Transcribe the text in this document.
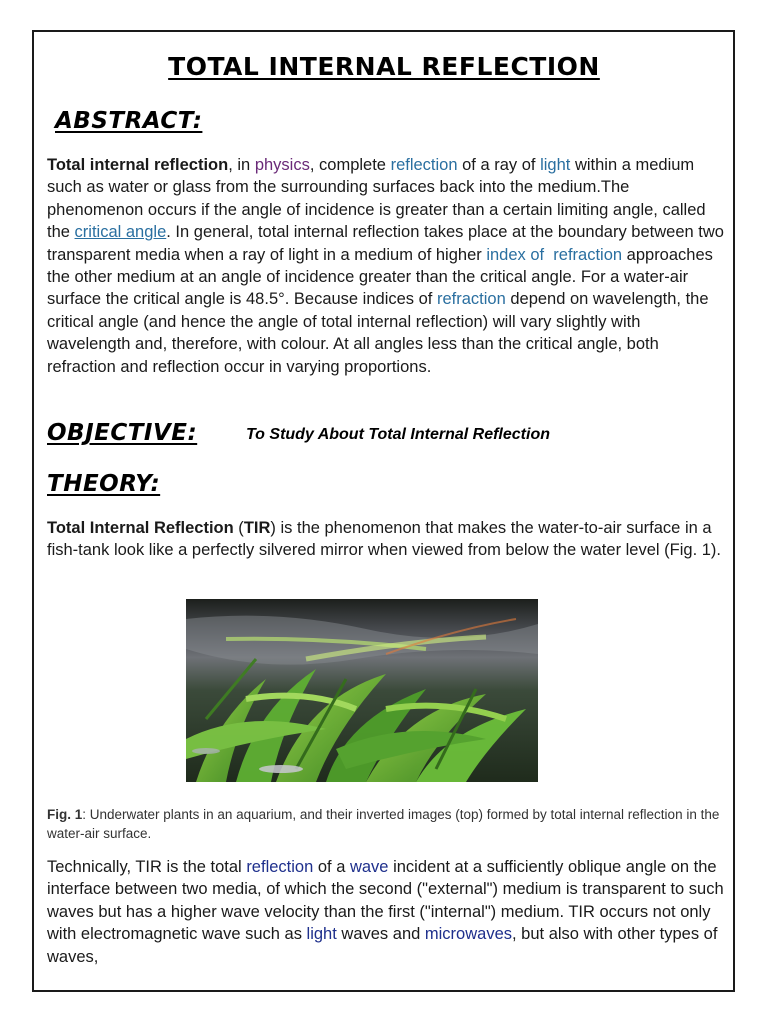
TOTAL INTERNAL REFLECTION
ABSTRACT:
Total internal reflection, in physics, complete reflection of a ray of light within a medium such as water or glass from the surrounding surfaces back into the medium.The phenomenon occurs if the angle of incidence is greater than a certain limiting angle, called the critical angle. In general, total internal reflection takes place at the boundary between two transparent media when a ray of light in a medium of higher index of  refraction approaches the other medium at an angle of incidence greater than the critical angle. For a water-air surface the critical angle is 48.5°. Because indices of refraction depend on wavelength, the critical angle (and hence the angle of total internal reflection) will vary slightly with wavelength and, therefore, with colour. At all angles less than the critical angle, both refraction and reflection occur in varying proportions.
OBJECTIVE:	To Study About Total Internal Reflection
THEORY:
Total Internal Reflection (TIR) is the phenomenon that makes the water-to-air surface in a fish-tank look like a perfectly silvered mirror when viewed from below the water level (Fig. 1).
Fig. 1: Underwater plants in an aquarium, and their inverted images (top) formed by total internal reflection in the water-air surface.
Technically, TIR is the total reflection of a wave incident at a sufficiently oblique angle on the interface between two media, of which the second ("external") medium is transparent to such waves but has a higher wave velocity than the first ("internal") medium. TIR occurs not only with electromagnetic wave such as light waves and microwaves, but also with other types of waves,
